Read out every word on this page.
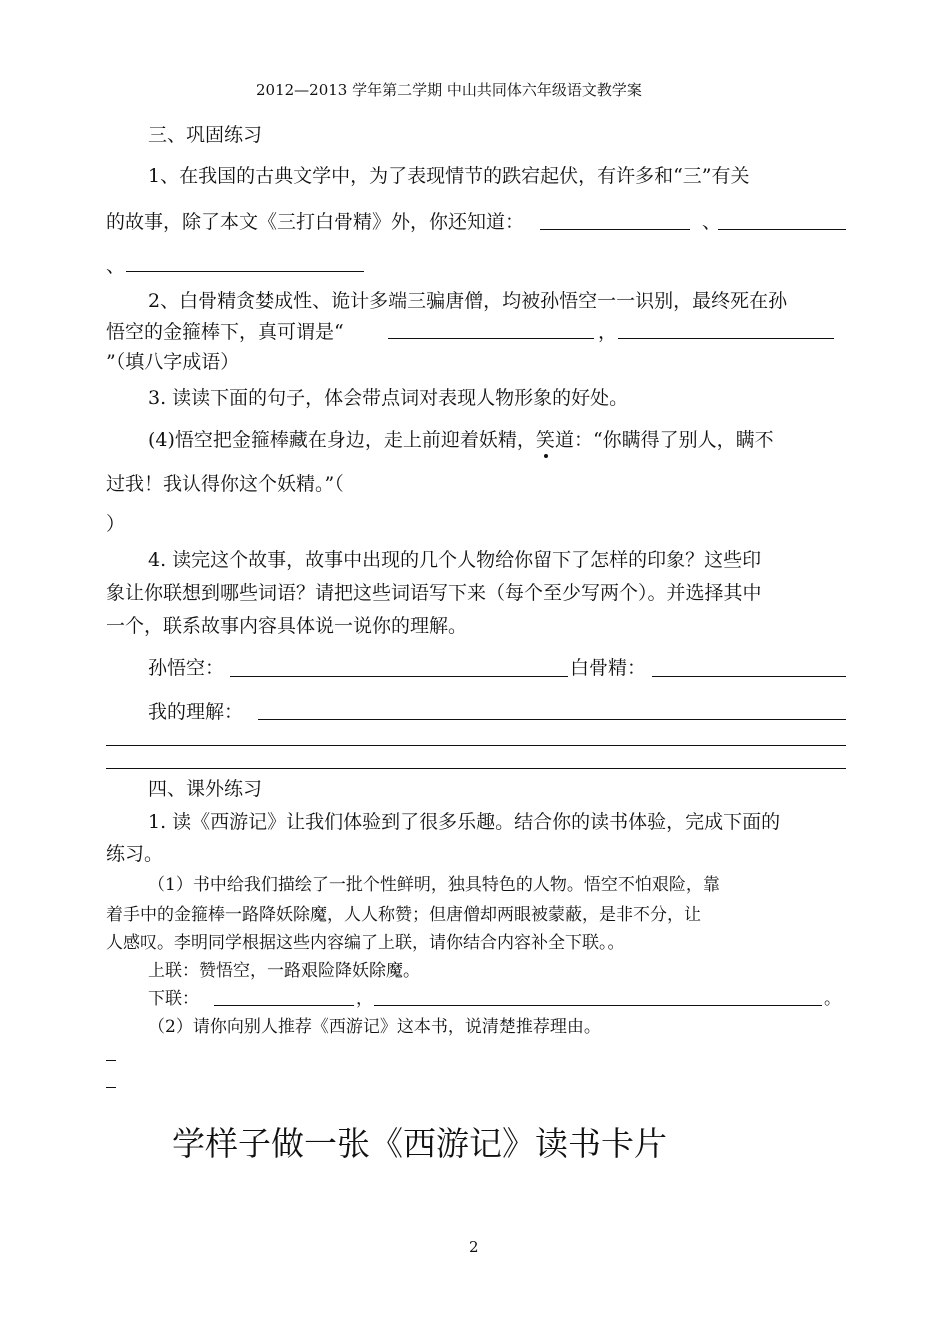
2012—2013 学年第二学期 中山共同体六年级语文教学案
三、巩固练习
1、在我国的古典文学中，为了表现情节的跌宕起伏，有许多和“三”有关
的故事，除了本文《三打白骨精》外，你还知道：	、
、
2、白骨精贪婪成性、诡计多端三骗唐僧，均被孙悟空一一识别，最终死在孙
悟空的金箍棒下，真可谓是“	，
”（填八字成语）
3. 读读下面的句子，体会带点词对表现人物形象的好处。
(4)悟空把金箍棒藏在身边，走上前迎着妖精，笑
道：“你瞒得了别人，瞒不
过我！我认得你这个妖精。”（
）
4. 读完这个故事，故事中出现的几个人物给你留下了怎样的印象？这些印
象让你联想到哪些词语？请把这些词语写下来（每个至少写两个）。并选择其中
一个，联系故事内容具体说一说你的理解。
孙悟空：	白骨精：
我的理解：
四、课外练习
1. 读《西游记》让我们体验到了很多乐趣。结合你的读书体验，完成下面的
练习。
（1）书中给我们描绘了一批个性鲜明，独具特色的人物。悟空不怕艰险，靠
着手中的金箍棒一路降妖除魔，人人称赞；但唐僧却两眼被蒙蔽，是非不分，让
人感叹。李明同学根据这些内容编了上联，请你结合内容补全下联。。
上联：赞悟空，一路艰险降妖除魔。
下联：	，	。
（2）请你向别人推荐《西游记》这本书，说清楚推荐理由。
学样子做一张《西游记》读书卡片
2
